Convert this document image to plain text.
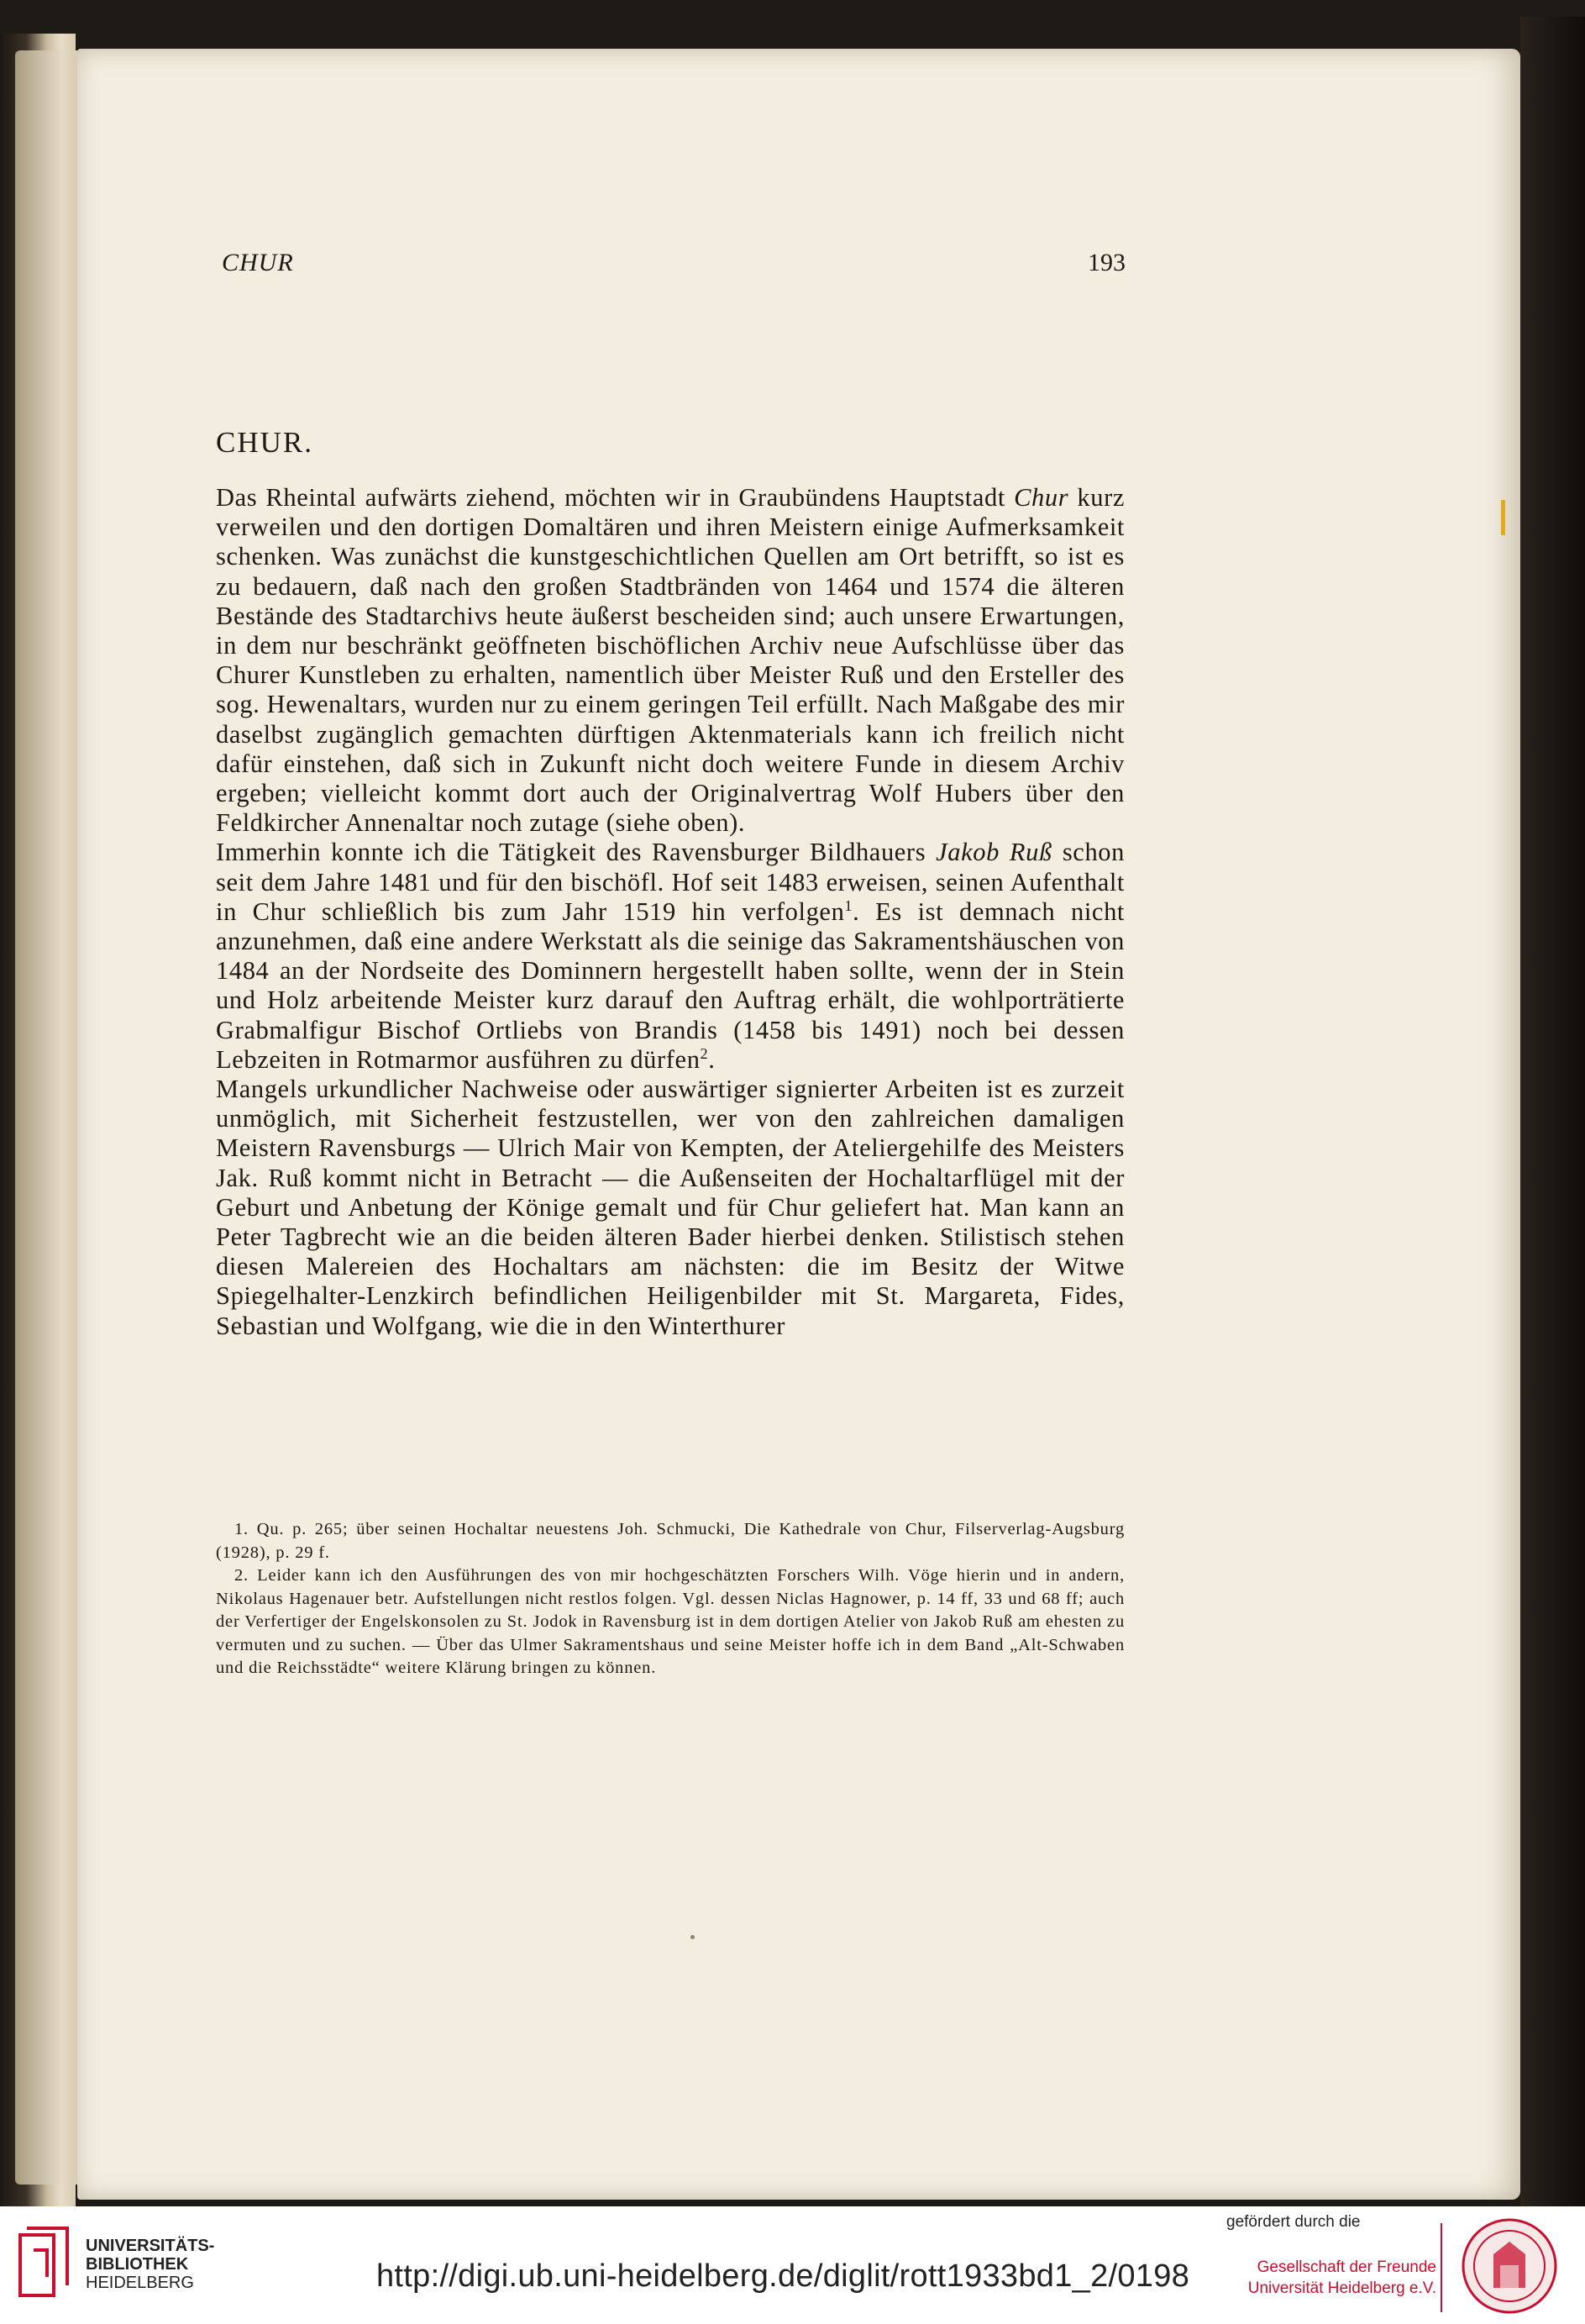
CHUR	193
CHUR.

Das Rheintal aufwärts ziehend, möchten wir in Graubündens Hauptstadt Chur kurz verweilen und den dortigen Domaltären und ihren Meistern einige Aufmerksamkeit schenken. Was zunächst die kunstgeschichtlichen Quellen am Ort betrifft, so ist es zu bedauern, daß nach den großen Stadtbränden von 1464 und 1574 die älteren Bestände des Stadtarchivs heute äußerst bescheiden sind; auch unsere Erwartungen, in dem nur beschränkt geöffneten bischöflichen Archiv neue Aufschlüsse über das Churer Kunstleben zu erhalten, namentlich über Meister Ruß und den Ersteller des sog. Hewenaltars, wurden nur zu einem geringen Teil erfüllt. Nach Maßgabe des mir daselbst zugänglich gemachten dürftigen Aktenmaterials kann ich freilich nicht dafür einstehen, daß sich in Zukunft nicht doch weitere Funde in diesem Archiv ergeben; vielleicht kommt dort auch der Originalvertrag Wolf Hubers über den Feldkircher Annenaltar noch zutage (siehe oben).

Immerhin konnte ich die Tätigkeit des Ravensburger Bildhauers Jakob Ruß schon seit dem Jahre 1481 und für den bischöfl. Hof seit 1483 erweisen, seinen Aufenthalt in Chur schließlich bis zum Jahr 1519 hin verfolgen$^1$. Es ist demnach nicht anzunehmen, daß eine andere Werkstatt als die seinige das Sakramentshäuschen von 1484 an der Nordseite des Dominnern hergestellt haben sollte, wenn der in Stein und Holz arbeitende Meister kurz darauf den Auftrag erhält, die wohlporträtierte Grabmalfigur Bischof Ortliebs von Brandis (1458 bis 1491) noch bei dessen Lebzeiten in Rotmarmor ausführen zu dürfen$^2$.

Mangels urkundlicher Nachweise oder auswärtiger signierter Arbeiten ist es zurzeit unmöglich, mit Sicherheit festzustellen, wer von den zahlreichen damaligen Meistern Ravensburgs — Ulrich Mair von Kempten, der Ateliergehilfe des Meisters Jak. Ruß kommt nicht in Betracht — die Außenseiten der Hochaltarflügel mit der Geburt und Anbetung der Könige gemalt und für Chur geliefert hat. Man kann an Peter Tagbrecht wie an die beiden älteren Bader hierbei denken. Stilistisch stehen diesen Malereien des Hochaltars am nächsten: die im Besitz der Witwe Spiegelhalter-Lenzkirch befindlichen Heiligenbilder mit St. Margareta, Fides, Sebastian und Wolfgang, wie die in den Winterthurer

1. Qu. p. 265; über seinen Hochaltar neuestens Joh. Schmucki, Die Kathedrale von Chur, Filserverlag-Augsburg (1928), p. 29 f.

2. Leider kann ich den Ausführungen des von mir hochgeschätzten Forschers Wilh. Vöge hierin und in andern, Nikolaus Hagenauer betr. Aufstellungen nicht restlos folgen. Vgl. dessen Niclas Hagnower, p. 14 ff, 33 und 68 ff; auch der Verfertiger der Engelskonsolen zu St. Jodok in Ravensburg ist in dem dortigen Atelier von Jakob Ruß am ehesten zu vermuten und zu suchen. — Über das Ulmer Sakramentshaus und seine Meister hoffe ich in dem Band „Alt-Schwaben und die Reichsstädte“ weitere Klärung bringen zu können.

UNIVERSITÄTS-
BIBLIOTHEK
HEIDELBERG	http://digi.ub.uni-heidelberg.de/diglit/rott1933bd1_2/0198
gefördert durch die
Gesellschaft der Freunde
Universität Heidelberg e.V.
